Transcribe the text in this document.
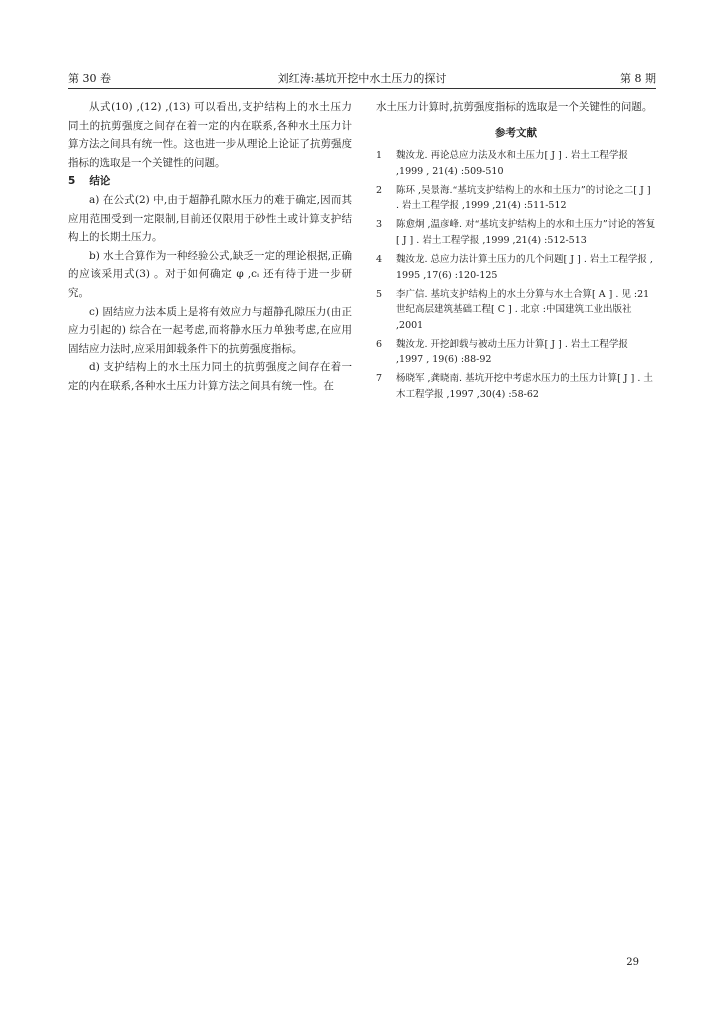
第 30 卷	刘红涛:基坑开挖中水土压力的探讨	第 8 期

从式(10) ,(12) ,(13) 可以看出,支护结构上的水土压力同土的抗剪强度之间存在着一定的内在联系,各种水土压力计算方法之间具有统一性。这也进一步从理论上论证了抗剪强度指标的选取是一个关键性的问题。

5 结论

a) 在公式(2) 中,由于超静孔隙水压力的难于确定,因而其应用范围受到一定限制,目前还仅限用于砂性土或计算支护结构上的长期土压力。

b) 水土合算作为一种经验公式,缺乏一定的理论根据,正确的应该采用式(3) 。对于如何确定 φ ,cᵢ 还有待于进一步研究。

c) 固结应力法本质上是将有效应力与超静孔隙压力(由正应力引起的) 综合在一起考虑,而将静水压力单独考虑,在应用固结应力法时,应采用卸载条件下的抗剪强度指标。

d) 支护结构上的水土压力同土的抗剪强度之间存在着一定的内在联系,各种水土压力计算方法之间具有统一性。在

水土压力计算时,抗剪强度指标的选取是一个关键性的问题。

参考文献
1	魏汝龙. 再论总应力法及水和土压力[ J ] . 岩土工程学报 ,1999 , 21(4) :509-510
2	陈环 ,吴景海.“基坑支护结构上的水和土压力”的讨论之二[ J ] . 岩土工程学报 ,1999 ,21(4) :511-512
3	陈愈炯 ,温彦峰. 对“基坑支护结构上的水和土压力”讨论的答复[ J ] . 岩土工程学报 ,1999 ,21(4) :512-513
4	魏汝龙. 总应力法计算土压力的几个问题[ J ] . 岩土工程学报 , 1995 ,17(6) :120-125
5	李广信. 基坑支护结构上的水土分算与水土合算[ A ] . 见 :21 世纪高层建筑基础工程[ C ] . 北京 :中国建筑工业出版社 ,2001
6	魏汝龙. 开挖卸载与被动土压力计算[ J ] . 岩土工程学报 ,1997 , 19(6) :88-92
7	杨晓军 ,龚晓南. 基坑开挖中考虑水压力的土压力计算[ J ] . 土木工程学报 ,1997 ,30(4) :58-62
29
